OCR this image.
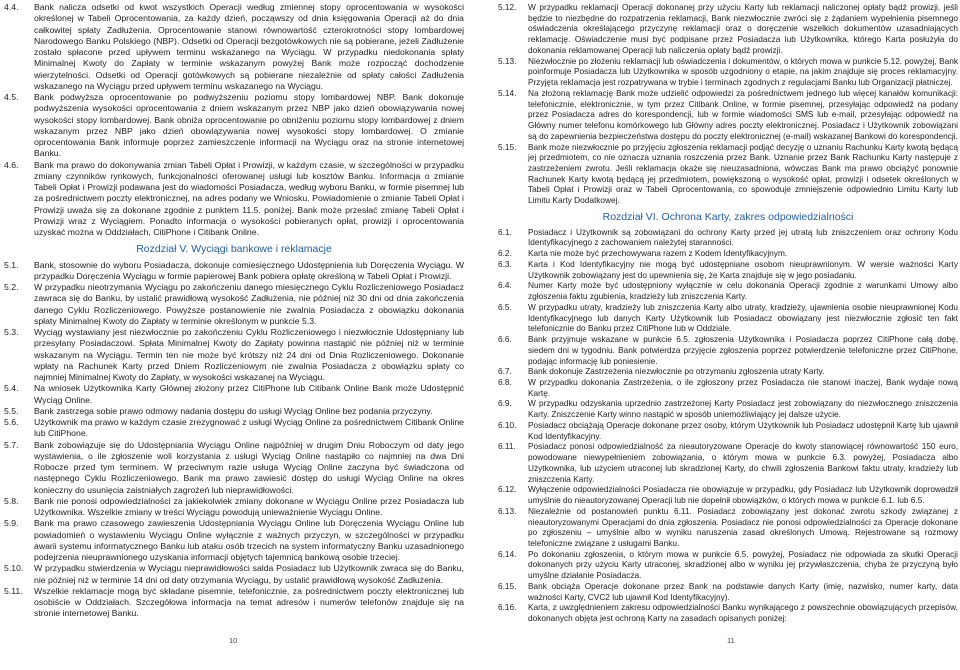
4.4.	Bank nalicza odsetki od kwot wszystkich Operacji według zmiennej stopy oprocentowania w wysokości określonej w Tabeli Oprocentowania, za każdy dzień, począwszy od dnia księgowania Operacji aż do dnia całkowitej spłaty Zadłużenia. Oprocentowanie stanowi równowartość czterokrotności stopy lombardowej Narodowego Banku Polskiego (NBP). Odsetki od Operacji bezgotówkowych nie są pobierane, jeżeli Zadłużenie zostało spłacone przed upływem terminu wskazanego na Wyciągu. W przypadku niedokonania spłaty Minimalnej Kwoty do Zapłaty w terminie wskazanym powyżej Bank może rozpocząć dochodzenie wierzytelności. Odsetki od Operacji gotówkowych są pobierane niezależnie od spłaty całości Zadłużenia wskazanego na Wyciągu przed upływem terminu wskazanego na Wyciągu.
4.5.	Bank podwyższa oprocentowanie po podwyższeniu poziomu stopy lombardowej NBP. Bank dokonuje podwyższenia wysokości oprocentowania z dniem wskazanym przez NBP jako dzień obowiązywania nowej wysokości stopy lombardowej. Bank obniża oprocentowanie po obniżeniu poziomu stopy lombardowej z dniem wskazanym przez NBP jako dzień obowiązywania nowej wysokości stopy lombardowej. O zmianie oprocentowania Bank informuje poprzez zamieszczenie informacji na Wyciągu oraz na stronie internetowej Banku.
4.6.	Bank ma prawo do dokonywania zmian Tabeli Opłat i Prowizji, w każdym czasie, w szczególności w przypadku zmiany czynników rynkowych, funkcjonalności oferowanej usługi lub kosztów Banku. Informacja o zmianie Tabeli Opłat i Prowizji podawana jest do wiadomości Posiadacza, według wyboru Banku, w formie pisemnej lub za pośrednictwem poczty elektronicznej, na adres podany we Wniosku. Powiadomienie o zmianie Tabeli Opłat i Prowizji uważa się za dokonane zgodnie z punktem 11.5. poniżej. Bank może przesłać zmianę Tabeli Opłat i Prowizji wraz z Wyciągiem. Ponadto informacja o wysokości pobieranych opłat, prowizji i oprocentowania uzyskać można w Oddziałach, CitiPhone i Citibank Online.
Rozdział V. Wyciągi bankowe i reklamacje
5.1.	Bank, stosownie do wyboru Posiadacza, dokonuje comiesięcznego Udostępnienia lub Doręczenia Wyciągu. W przypadku Doręczenia Wyciągu w formie papierowej Bank pobiera opłatę określoną w Tabeli Opłat i Prowizji.
5.2.	W przypadku nieotrzymania Wyciągu po zakończeniu danego miesięcznego Cyklu Rozliczeniowego Posiadacz zawraca się do Banku, by ustalić prawidłową wysokość Zadłużenia, nie później niż 30 dni od dnia zakończenia danego Cyklu Rozliczeniowego. Powyższe postanowienie nie zwalnia Posiadacza z obowiązku dokonania spłaty Minimalnej Kwoty do Zapłaty w terminie określonym w punkcie 5.3.
5.3.	Wyciąg wystawiany jest niezwłocznie po zakończeniu Cyklu Rozliczeniowego i niezwłocznie Udostępniany lub przesyłany Posiadaczowi. Spłata Minimalnej Kwoty do Zapłaty powinna nastąpić nie później niż w terminie wskazanym na Wyciągu. Termin ten nie może być krótszy niż 24 dni od Dnia Rozliczeniowego. Dokonanie wpłaty na Rachunek Karty przed Dniem Rozliczeniowym nie zwalnia Posiadacza z obowiązku spłaty co najmniej Minimalnej Kwoty do Zapłaty, w wysokości wskazanej na Wyciągu.
5.4.	Na wniosek Użytkownika Karty Głównej złożony przez CitiPhone lub Citibank Online Bank może Udostępnić Wyciąg Online.
5.5.	Bank zastrzega sobie prawo odmowy nadania dostępu do usługi Wyciąg Online bez podania przyczyny.
5.6.	Użytkownik ma prawo w każdym czasie zrezygnować z usługi Wyciąg Online za pośrednictwem Citibank Online lub CitiPhone.
5.7.	Bank zobowiązuje się do Udostępniania Wyciągu Online najpóźniej w drugim Dniu Roboczym od daty jego wystawienia, o ile zgłoszenie woli korzystania z usługi Wyciąg Online nastąpiło co najmniej na dwa Dni Robocze przed tym terminem. W przeciwnym razie usługa Wyciąg Online zaczyna być świadczona od następnego Cyklu Rozliczeniowego. Bank ma prawo zawiesić dostęp do usługi Wyciąg Online na okres konieczny do usunięcia zaistniałych zagrożeń lub nieprawidłowości.
5.8.	Bank nie ponosi odpowiedzialności za jakiekolwiek zmiany dokonane w Wyciągu Online przez Posiadacza lub Użytkownika. Wszelkie zmiany w treści Wyciągu powodują unieważnienie Wyciągu Online.
5.9.	Bank ma prawo czasowego zawieszenia Udostępniania Wyciągu Online lub Doręczenia Wyciągu Online lub powiadomień o wystawieniu Wyciągu Online wyłącznie z ważnych przyczyn, w szczególności w przypadku awarii systemu informatycznego Banku lub ataku osób trzecich na system informatyczny Banku uzasadnionego podejrzenia nieuprawnionego uzyskania informacji objętych tajemnicą bankową osobie trzeciej.
5.10.	W przypadku stwierdzenia w Wyciągu nieprawidłowości salda Posiadacz lub Użytkownik zwraca się do Banku, nie później niż w terminie 14 dni od daty otrzymania Wyciągu, by ustalić prawidłową wysokość Zadłużenia.
5.11.	Wszelkie reklamacje mogą być składane pisemnie, telefonicznie, za pośrednictwem poczty elektronicznej lub osobiście w Oddziałach. Szczegółowa informacja na temat adresów i numerów telefonów znajduje się na stronie internetowej Banku.
5.12.	W przypadku reklamacji Operacji dokonanej przy użyciu Karty lub reklamacji naliczonej opłaty bądź prowizji, jeśli będzie to niezbędne do rozpatrzenia reklamacji, Bank niezwłocznie zwróci się z żądaniem wypełnienia pisemnego oświadczenia określającego przyczynę reklamacji oraz o doręczenie wszelkich dokumentów uzasadniających reklamację. Oświadczenie musi być podpisane przez Posiadacza lub Użytkownika, którego Karta posłużyła do dokonania reklamowanej Operacji lub naliczenia opłaty bądź prowizji.
5.13.	Niezwłocznie po złożeniu reklamacji lub oświadczenia i dokumentów, o których mowa w punkcie 5.12. powyżej, Bank poinformuje Posiadacza lub Użytkownika w sposób uzgodniony o etapie, na jakim znajduje się proces reklamacyjny. Przyjęta reklamacja jest rozpatrywana w trybie i terminach zgodnych z regulacjami Banku lub Organizacji płatniczej.
5.14.	Na złożoną reklamację Bank może udzielić odpowiedzi za pośrednictwem jednego lub więcej kanałów komunikacji: telefonicznie, elektronicznie, w tym przez Citibank Online, w formie pisemnej, przesyłając odpowiedź na podany przez Posiadacza adres do korespondencji, lub w formie wiadomości SMS lub e-mail, przesyłając odpowiedź na Główny numer telefonu komórkowego lub Główny adres poczty elektronicznej. Posiadacz i Użytkownik zobowiązani są do zapewnienia bezpieczeństwa dostępu do poczty elektronicznej (e-mail) wskazanej Bankowi do korespondencji.
5.15.	Bank może niezwłocznie po przyjęciu zgłoszenia reklamacji podjąć decyzję o uznaniu Rachunku Karty kwotą będącą jej przedmiotem, co nie oznacza uznania roszczenia przez Bank. Uznanie przez Bank Rachunku Karty następuje z zastrzeżeniem zwrotu. Jeśli reklamacja okaże się nieuzasadniona, wówczas Bank ma prawo obciążyć ponownie Rachunek Karty kwotą będącą jej przedmiotem, powiększoną o wysokość opłat, prowizji i odsetek określonych w Tabeli Opłat i Prowizji oraz w Tabeli Oprocentowania, co spowoduje zmniejszenie odpowiednio Limitu Karty lub Limitu Karty Dodatkowej.
Rozdział VI. Ochrona Karty, zakres odpowiedzialności
6.1.	Posiadacz i Użytkownik są zobowiązani do ochrony Karty przed jej utratą lub zniszczeniem oraz ochrony Kodu Identyfikacyjnego z zachowaniem należytej staranności.
6.2.	Karta nie może być przechowywana razem z Kodem Identyfikacyjnym.
6.3.	Karta i Kod Identyfikacyjny nie mogą być udostępniane osobom nieuprawnionym. W wersie ważności Karty Użytkownik zobowiązany jest do upewnienia się, że Karta znajduje się w jego posiadaniu.
6.4.	Numer Karty może być udostępniony wyłącznie w celu dokonania Operacji zgodnie z warunkami Umowy albo zgłoszenia faktu zgubienia, kradzieży lub zniszczenia Karty.
6.5.	W przypadku utraty, kradzieży lub zniszczenia Karty albo utraty, kradzieży, ujawnienia osobie nieuprawnionej Kodu Identyfikacyjnego lub danych Karty Użytkownik lub Posiadacz obowiązany jest niezwłocznie zgłosić ten fakt telefonicznie do Banku przez CitiPhone lub w Oddziale.
6.6.	Bank przyjmuje wskazane w punkcie 6.5. zgłoszenia Użytkownika i Posiadacza poprzez CitiPhone całą dobę, siedem dni w tygodniu. Bank potwierdza przyjęcie zgłoszenia poprzez potwierdzenie telefoniczne przez CitiPhone, podając informację lub poniesienie.
6.7.	Bank dokonuje Zastrzeżenia niezwłocznie po otrzymaniu zgłoszenia utraty Karty.
6.8.	W przypadku dokonania Zastrzeżenia, o ile zgłoszony przez Posiadacza nie stanowi inaczej, Bank wydaje nową Kartę.
6.9.	W przypadku odzyskania uprzednio zastrzeżonej Karty Posiadacz jest zobowiązany do niezwłocznego zniszczenia Karty. Zniszczenie Karty winno nastąpić w sposób uniemożliwiający jej dalsze użycie.
6.10.	Posiadacz obciążają Operacje dokonane przez osoby, którym Użytkownik lub Posiadacz udostępnił Kartę lub ujawnił Kod Identyfikacyjny.
6.11.	Posiadacz ponosi odpowiedzialność za nieautoryzowane Operacje do kwoty stanowiącej równowartość 150 euro, powodowane niewypełnieniem zobowiązania, o którym mowa w punkcie 6.3. powyżej, Posiadacza albo Użytkownika, lub użyciem utraconej lub skradzionej Karty, do chwili zgłoszenia Bankowi faktu utraty, kradzieży lub zniszczenia Karty.
6.12.	Wyłączenie odpowiedzialności Posiadacza nie obowiązuje w przypadku, gdy Posiadacz lub Użytkownik doprowadził umyślnie do nieautoryzowanej Operacji lub nie dopełnił obowiązków, o których mowa w punkcie 6.1. lub 6.5.
6.13.	Niezależnie od postanowień punktu 6.11. Posiadacz zobowiązany jest dokonać zwrotu szkody związanej z nieautoryzowanymi Operacjami do dnia zgłoszenia. Posiadacz nie ponosi odpowiedzialności za Operacje dokonane po zgłoszeniu – umyślnie albo w wyniku naruszenia zasad określonych Umową. Rejestrowane są rozmowy telefoniczne związane z usługami Banku.
6.14.	Po dokonaniu zgłoszenia, o którym mowa w punkcie 6.5. powyżej, Posiadacz nie odpowiada za skutki Operacji dokonanych przy użyciu Karty utraconej, skradzionej albo w wyniku jej przywłaszczenia, chyba że przyczyną było umyślne działanie Posiadacza.
6.15.	Bank obciąża Operacje dokonane przez Bank na podstawie danych Karty (imię, nazwisko, numer karty, data ważności Karty, CVC2 lub ujawnił Kod Identyfikacyjny).
6.16.	Karta, z uwzględnieniem zakresu odpowiedzialności Banku wynikającego z powszechnie obowiązujących przepisów, dokonanych objęta jest ochroną Karty na zasadach opisanych poniżej:
10	11
